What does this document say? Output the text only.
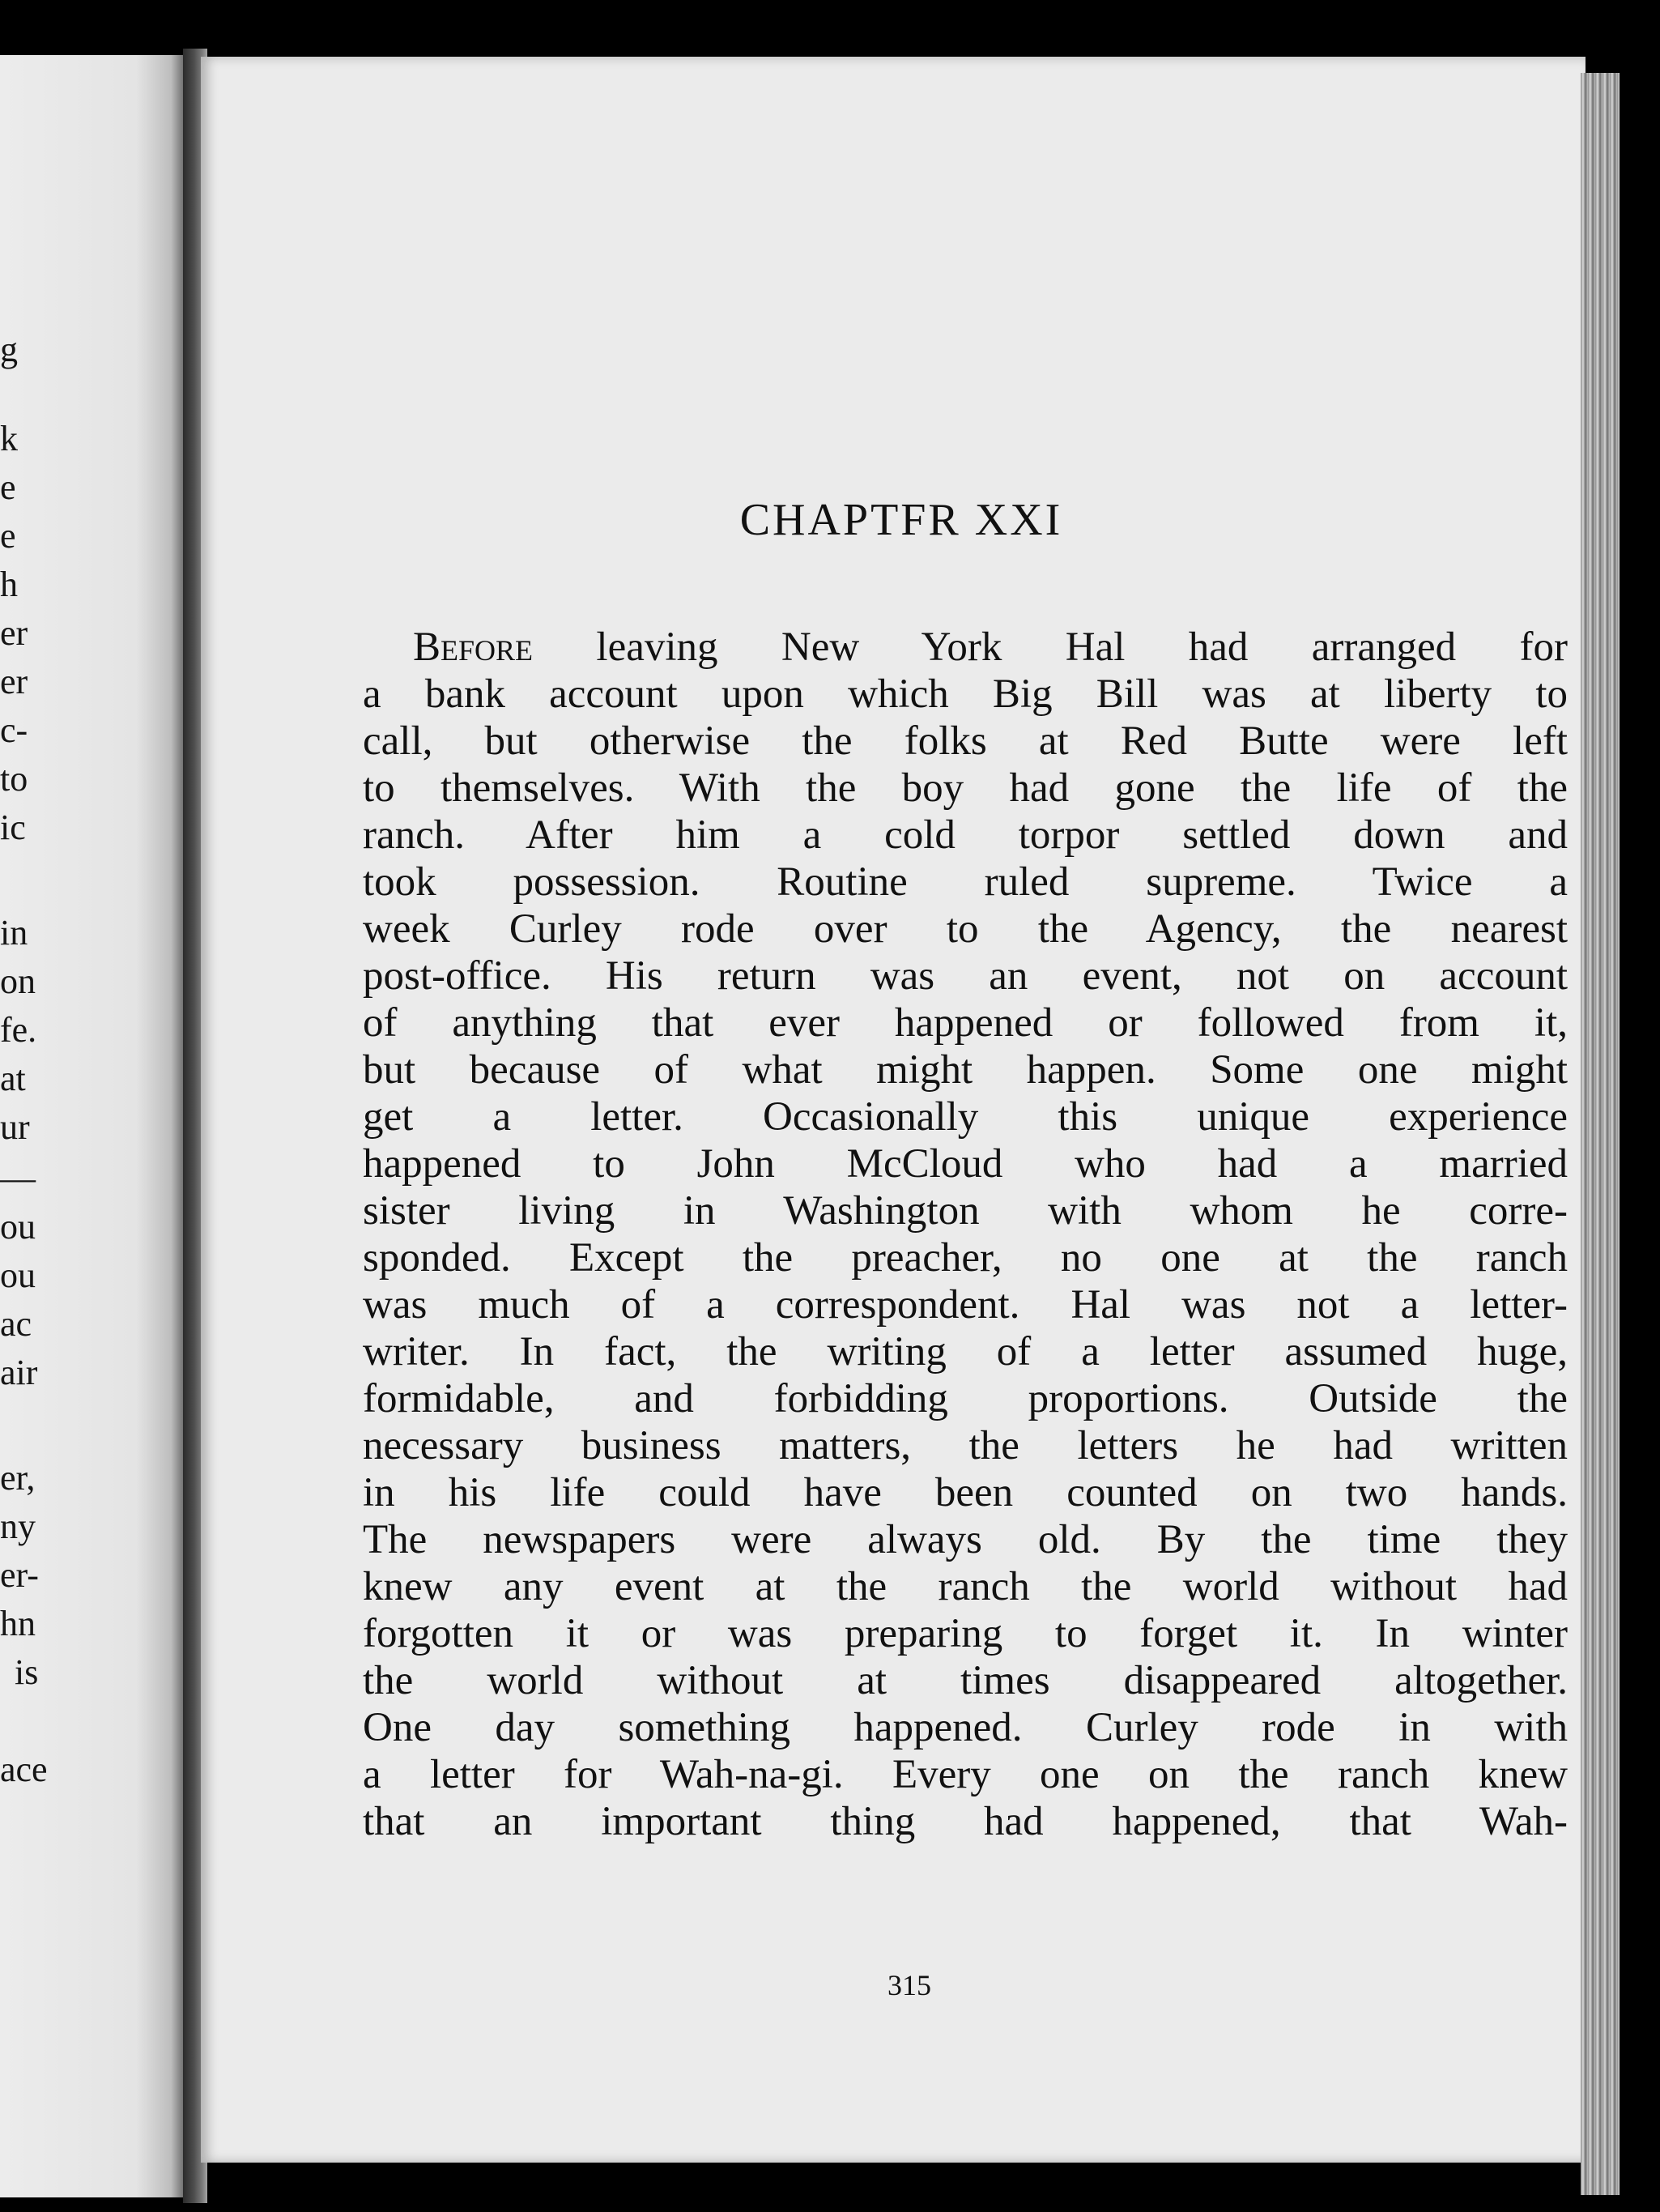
g
k
e
e
h
er
er
c-
to
ic
in
on
fe.
at
ur
—
ou
ou
ac
air
er,
ny
er-
hn
is
ace
CHAPTFR XXI
Before leaving New York Hal had arranged for
a bank account upon which Big Bill was at liberty to
call, but otherwise the folks at Red Butte were left
to themselves. With the boy had gone the life of the
ranch. After him a cold torpor settled down and
took possession. Routine ruled supreme. Twice a
week Curley rode over to the Agency, the nearest
post-office. His return was an event, not on account
of anything that ever happened or followed from it,
but because of what might happen. Some one might
get a letter. Occasionally this unique experience
happened to John McCloud who had a married
sister living in Washington with whom he corre-
sponded. Except the preacher, no one at the ranch
was much of a correspondent. Hal was not a letter-
writer. In fact, the writing of a letter assumed huge,
formidable, and forbidding proportions. Outside the
necessary business matters, the letters he had written
in his life could have been counted on two hands.
The newspapers were always old. By the time they
knew any event at the ranch the world without had
forgotten it or was preparing to forget it. In winter
the world without at times disappeared altogether.
One day something happened. Curley rode in with
a letter for Wah-na-gi. Every one on the ranch knew
that an important thing had happened, that Wah-
315
